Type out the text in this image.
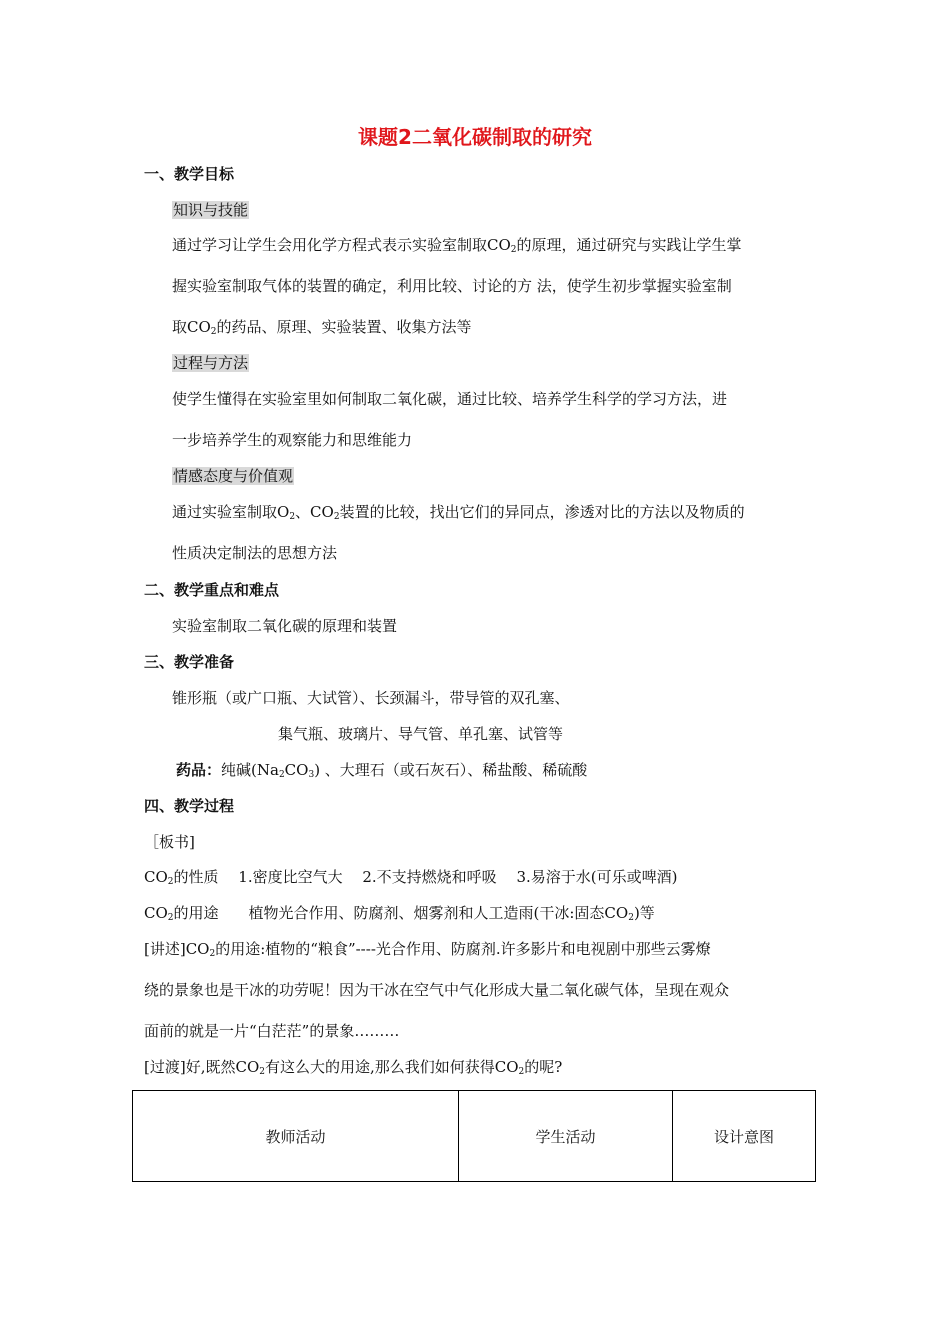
课题2二氧化碳制取的研究
一、教学目标
知识与技能
通过学习让学生会用化学方程式表示实验室制取$CO_2$的原理，通过研究与实践让学生掌
握实验室制取气体的装置的确定，利用比较、讨论的方 法，使学生初步掌握实验室制
取$CO_2$的药品、原理、实验装置、收集方法等
过程与方法
使学生懂得在实验室里如何制取二氧化碳，通过比较、培养学生科学的学习方法，进
一步培养学生的观察能力和思维能力
情感态度与价值观
通过实验室制取$O_2$、$CO_2$装置的比较，找出它们的异同点，渗透对比的方法以及物质的
性质决定制法的思想方法
二、教学重点和难点
实验室制取二氧化碳的原理和装置
三、教学准备
锥形瓶（或广口瓶、大试管）、长颈漏斗，带导管的双孔塞、
集气瓶、玻璃片、导气管、单孔塞、试管等
药品：纯碱$(Na_2CO_3)$ 、大理石（或石灰石）、稀盐酸、稀硫酸
四、教学过程
［板书]
$CO_2$的性质　 1.密度比空气大　 2.不支持燃烧和呼吸　 3.易溶于水(可乐或啤酒)
$CO_2$的用途　　植物光合作用、防腐剂、烟雾剂和人工造雨(干冰:固态$CO_2$)等
[讲述]$CO_2$的用途:植物的“粮食”----光合作用、防腐剂.许多影片和电视剧中那些云雾燎
绕的景象也是干冰的功劳呢！因为干冰在空气中气化形成大量二氧化碳气体，呈现在观众
面前的就是一片“白茫茫”的景象………
[过渡]好,既然$CO_2$有这么大的用途,那么我们如何获得$CO_2$的呢?
教师活动	学生活动	设计意图
